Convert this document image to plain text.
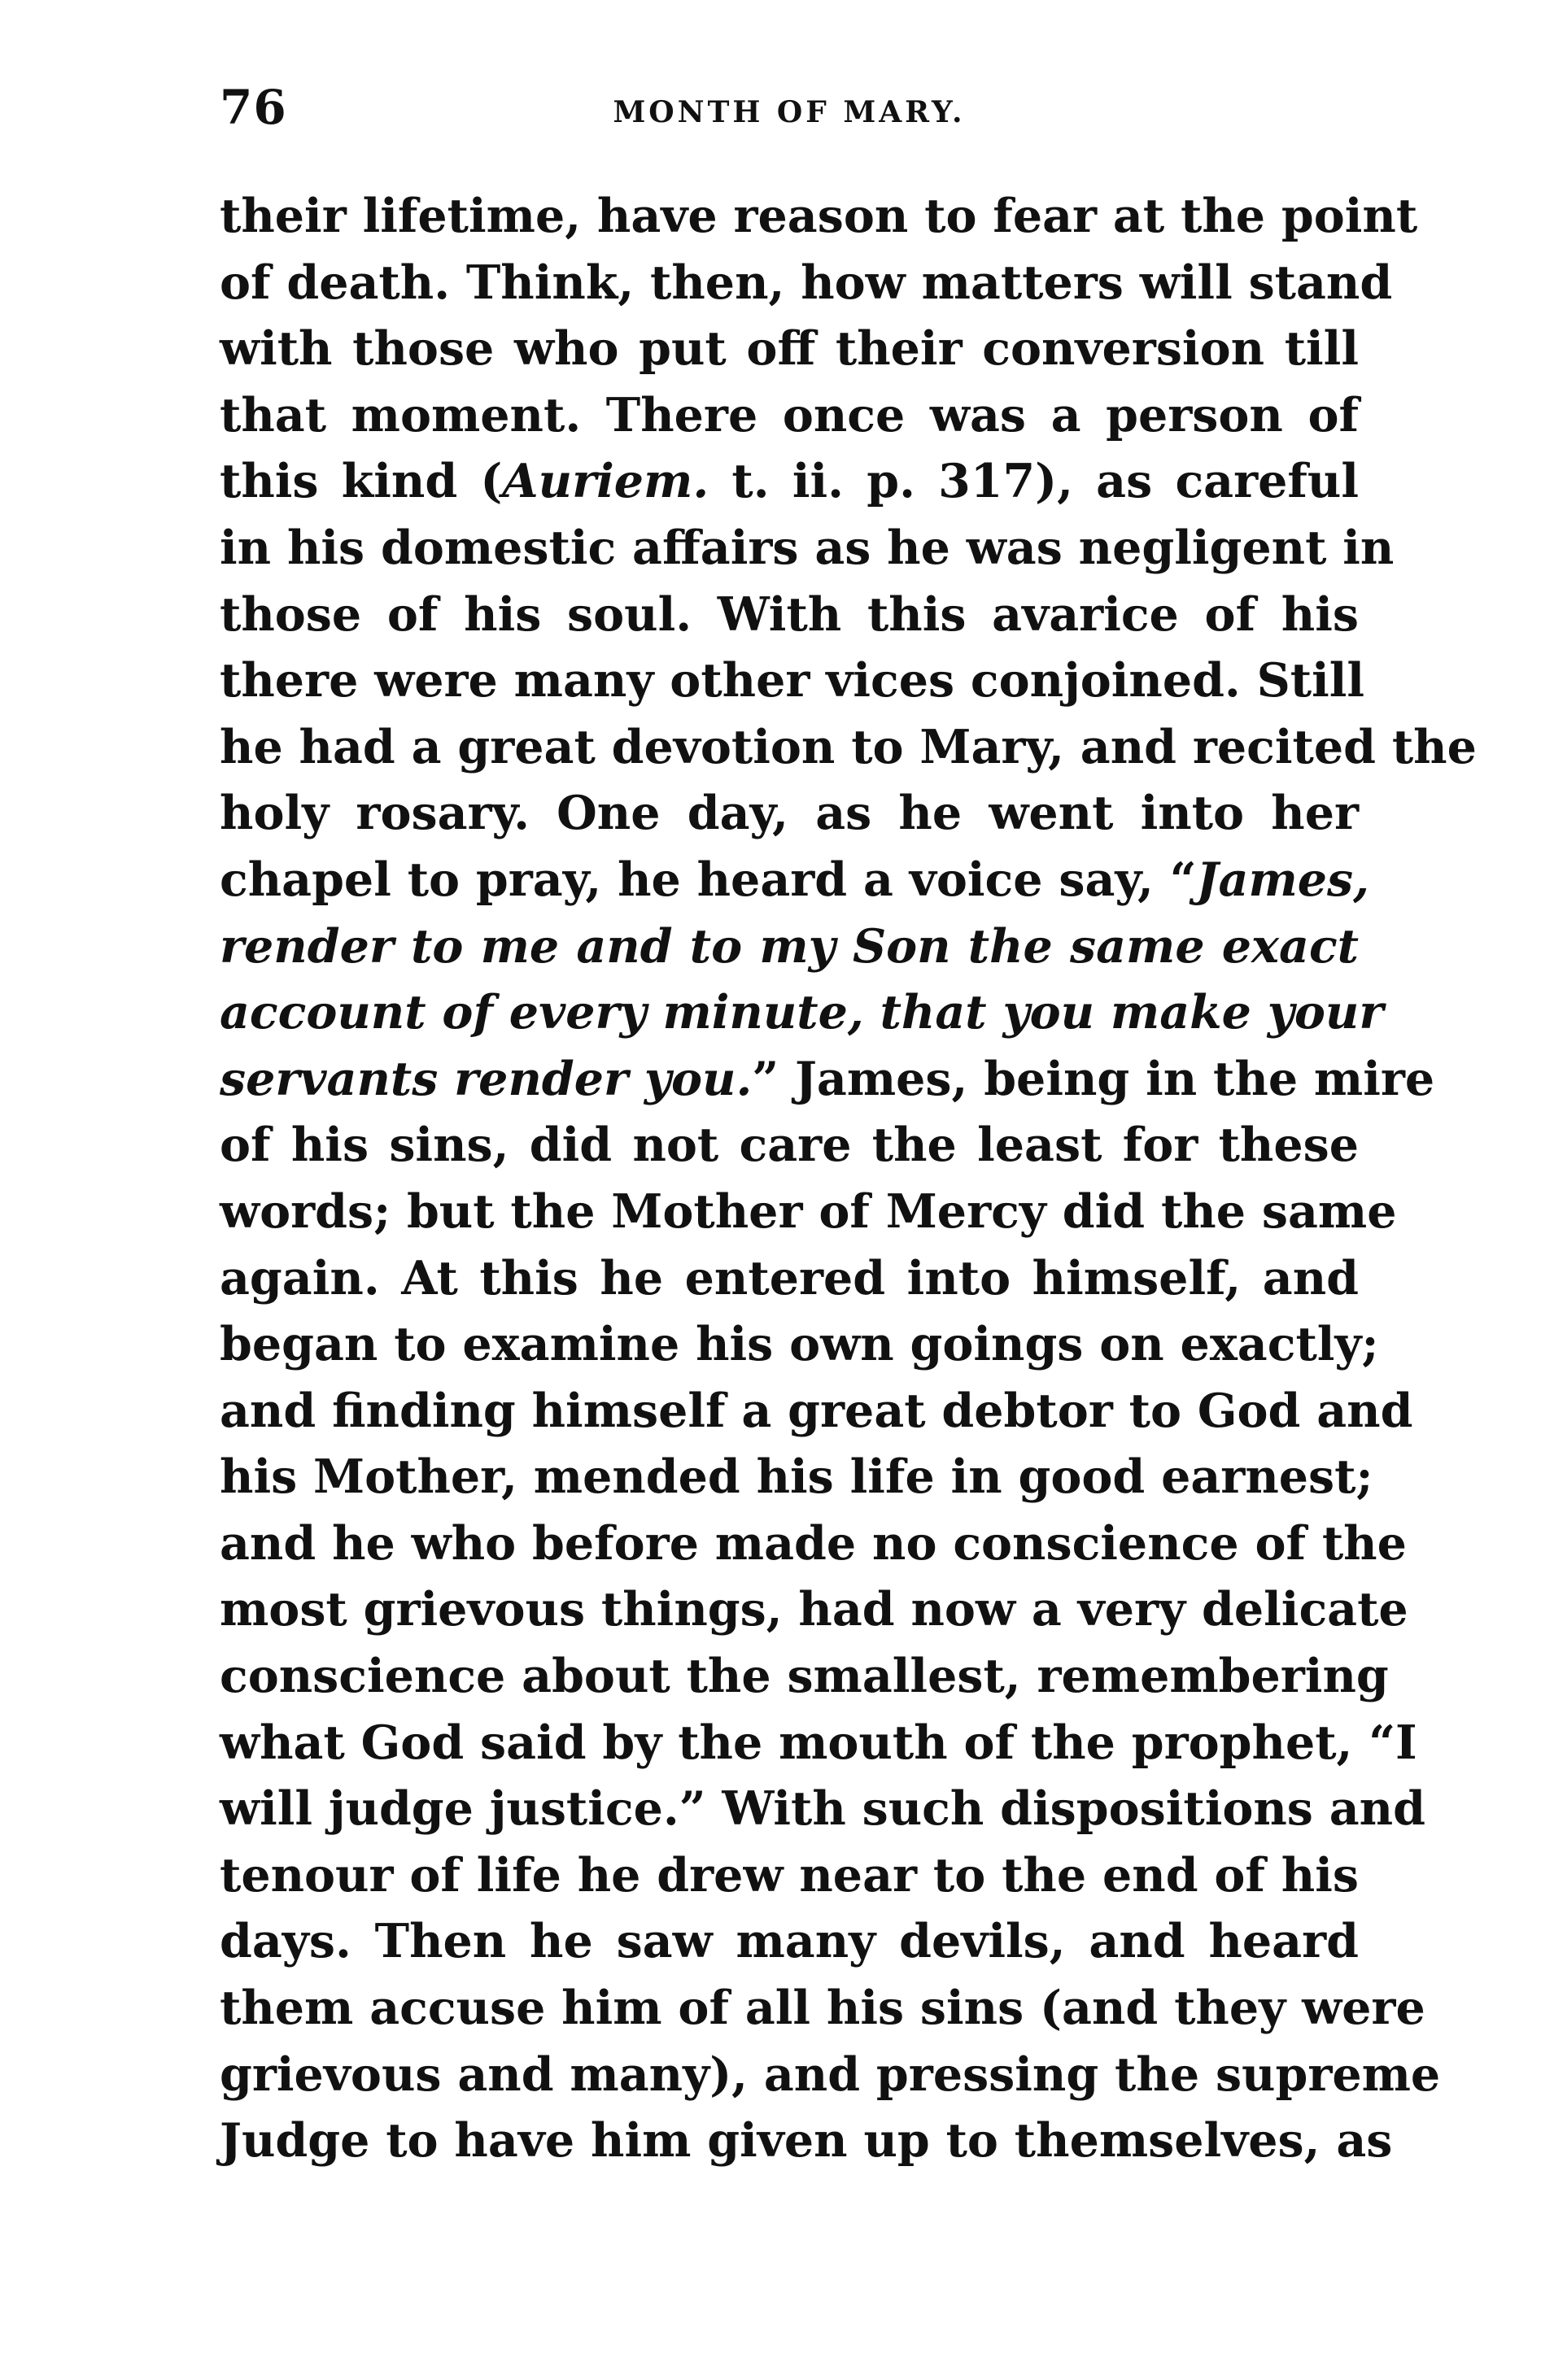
76	MONTH OF MARY.
their lifetime, have reason to fear at the point
of death. Think, then, how matters will stand
with those who put off their conversion till
that moment. There once was a person of
this kind (Auriem. t. ii. p. 317), as careful
in his domestic affairs as he was negligent in
those of his soul. With this avarice of his
there were many other vices conjoined. Still
he had a great devotion to Mary, and recited the
holy rosary. One day, as he went into her
chapel to pray, he heard a voice say, “James,
render to me and to my Son the same exact
account of every minute, that you make your
servants render you.” James, being in the mire
of his sins, did not care the least for these
words; but the Mother of Mercy did the same
again. At this he entered into himself, and
began to examine his own goings on exactly;
and finding himself a great debtor to God and
his Mother, mended his life in good earnest;
and he who before made no conscience of the
most grievous things, had now a very delicate
conscience about the smallest, remembering
what God said by the mouth of the prophet, “I
will judge justice.” With such dispositions and
tenour of life he drew near to the end of his
days. Then he saw many devils, and heard
them accuse him of all his sins (and they were
grievous and many), and pressing the supreme
Judge to have him given up to themselves, as
